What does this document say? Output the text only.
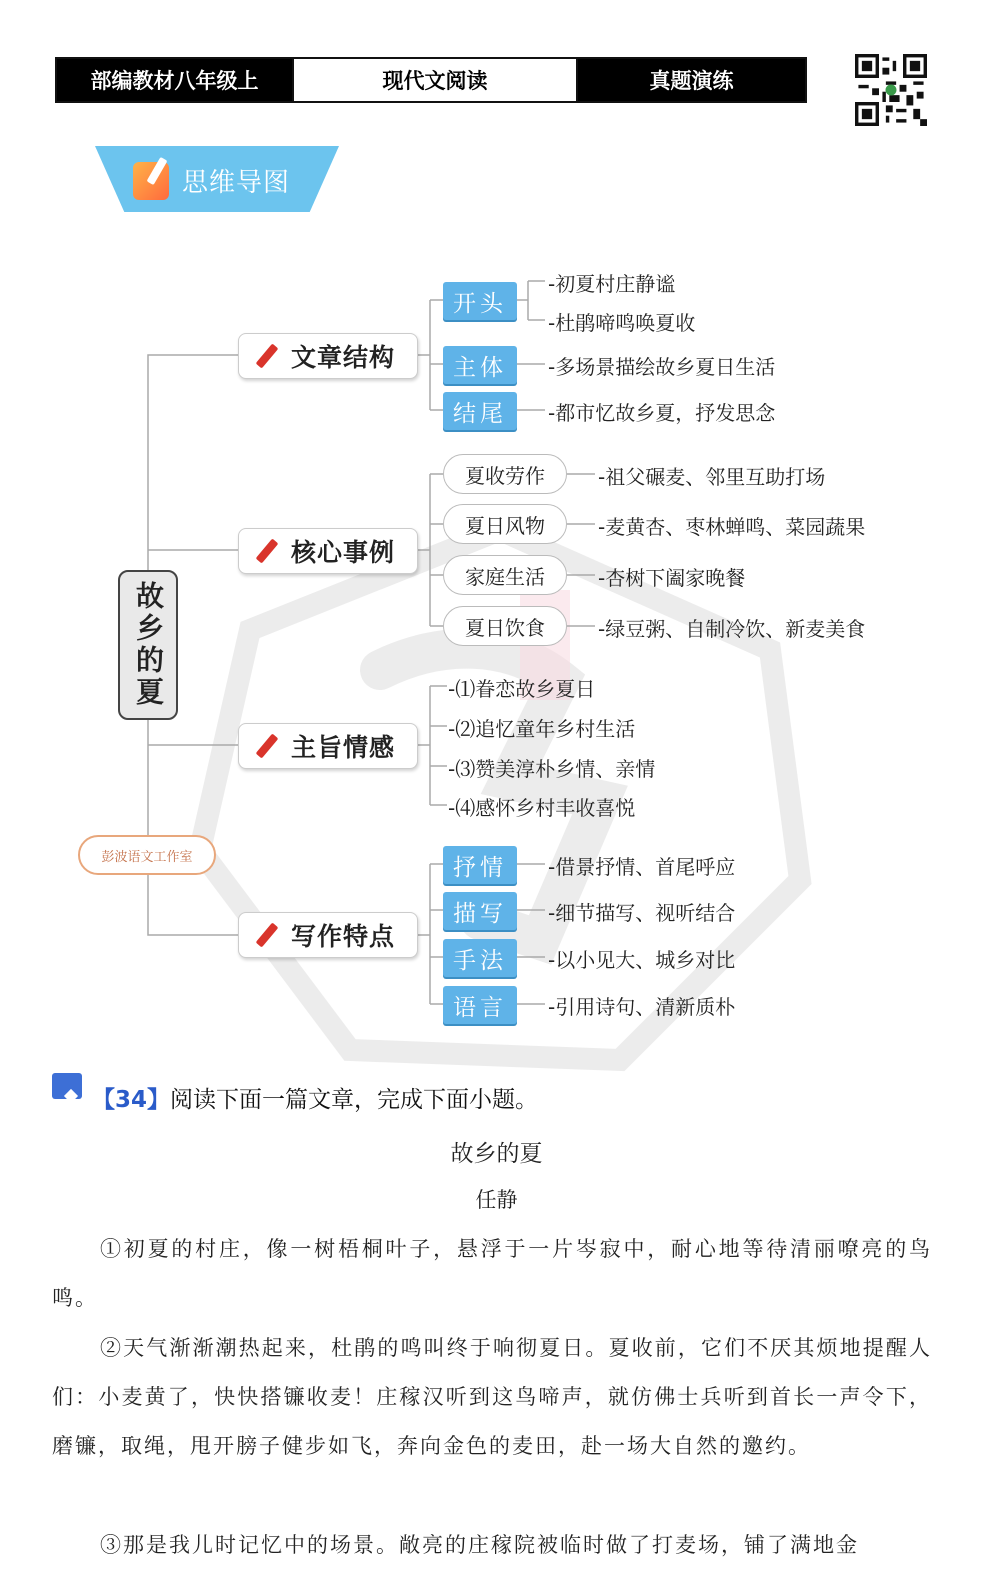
部编教材八年级上	现代文阅读	真题演练
思维导图
故乡的夏
彭波语文工作室
文章结构
开头
主体
结尾
-初夏村庄静谧
-杜鹃啼鸣唤夏收
-多场景描绘故乡夏日生活
-都市忆故乡夏，抒发思念
核心事例
夏收劳作
夏日风物
家庭生活
夏日饮食
-祖父碾麦、邻里互助打场
-麦黄杏、枣林蝉鸣、菜园蔬果
-杏树下阖家晚餐
-绿豆粥、自制冷饮、新麦美食
主旨情感
-⑴眷恋故乡夏日
-⑵追忆童年乡村生活
-⑶赞美淳朴乡情、亲情
-⑷感怀乡村丰收喜悦
写作特点
抒情
描写
手法
语言
-借景抒情、首尾呼应
-细节描写、视听结合
-以小见大、城乡对比
-引用诗句、清新质朴
【34】阅读下面一篇文章，完成下面小题。
故乡的夏
任静
①初夏的村庄，像一树梧桐叶子，悬浮于一片岑寂中，耐心地等待清丽嘹亮的鸟鸣。
②天气渐渐潮热起来，杜鹃的鸣叫终于响彻夏日。夏收前，它们不厌其烦地提醒人们：小麦黄了，快快搭镰收麦！庄稼汉听到这鸟啼声，就仿佛士兵听到首长一声令下，磨镰，取绳，甩开膀子健步如飞，奔向金色的麦田，赴一场大自然的邀约。
③那是我儿时记忆中的场景。敞亮的庄稼院被临时做了打麦场，铺了满地金
